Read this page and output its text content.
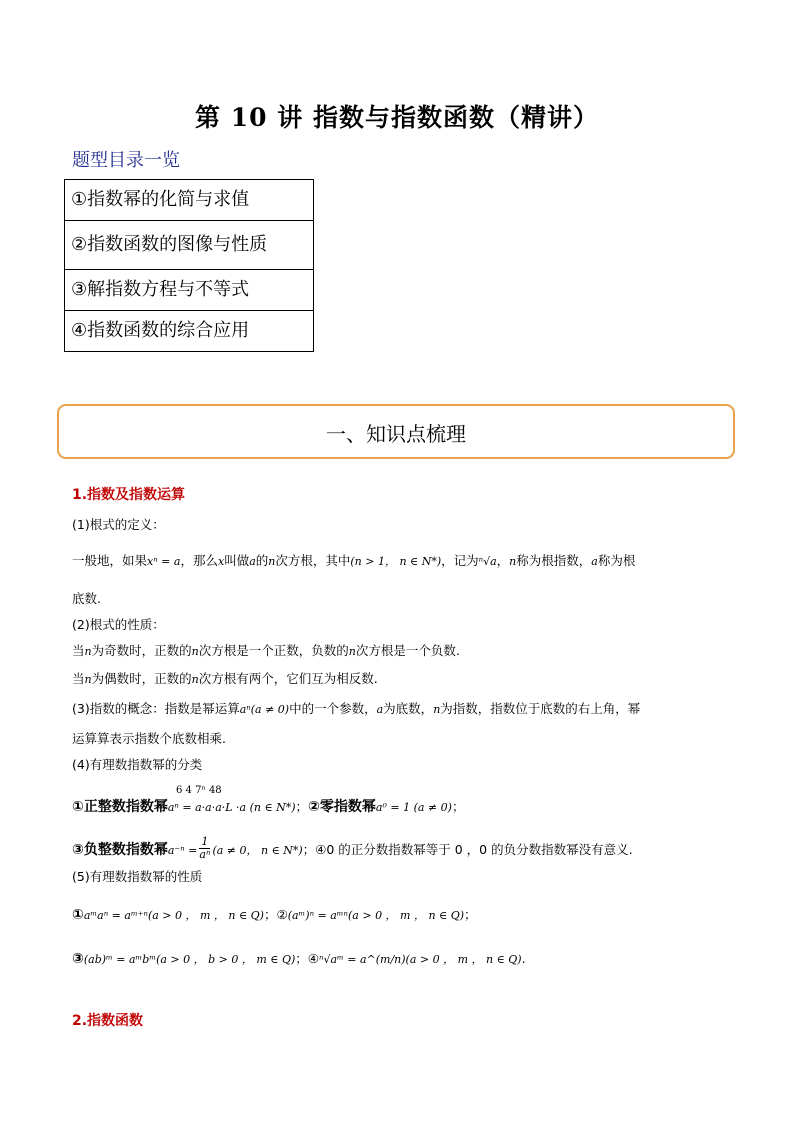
第 10 讲 指数与指数函数（精讲）
题型目录一览
①指数幂的化简与求值
②指数函数的图像与性质
③解指数方程与不等式
④指数函数的综合应用
一、知识点梳理
1.指数及指数运算
(1)根式的定义：
一般地，如果xⁿ = a，那么x叫做a的n次方根，其中(n > 1， n ∈ N*)，记为ⁿ√a，n称为根指数，a称为根
底数.
(2)根式的性质：
当n为奇数时，正数的n次方根是一个正数，负数的n次方根是一个负数.
当n为偶数时，正数的n次方根有两个，它们互为相反数.
(3)指数的概念：指数是幂运算aⁿ(a ≠ 0)中的一个参数，a为底数，n为指数，指数位于底数的右上角，幂
运算算表示指数个底数相乘.
(4)有理数指数幂的分类
6 4 7ⁿ 48
①正整数指数幂aⁿ = a·a·a·L ·a (n ∈ N*)；②零指数幂a⁰ = 1 (a ≠ 0)；
③负整数指数幂$a^{-n} = \frac{1}{\text{aⁿ}} (a \ne 0$， n ∈ N*)；④0 的正分数指数幂等于 0 ，0 的负分数指数幂没有意义.
(5)有理数指数幂的性质
①aᵐaⁿ = aᵐ⁺ⁿ(a > 0 ， m ， n ∈ Q)；②(aᵐ)ⁿ = aᵐⁿ(a > 0 ， m ， n ∈ Q)；
③(ab)ᵐ = aᵐbᵐ(a > 0 ， b > 0 ， m ∈ Q)；④ⁿ√aᵐ = a^(m/n)(a > 0 ， m ， n ∈ Q).
2.指数函数
